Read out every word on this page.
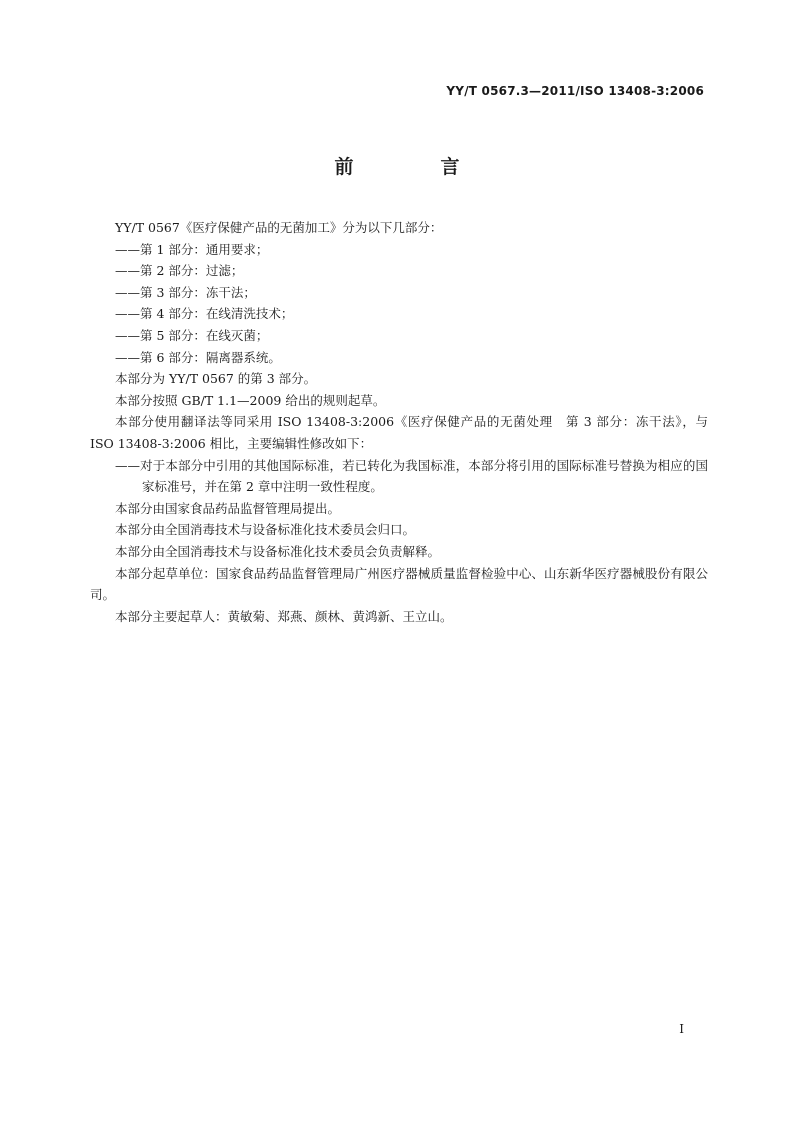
YY/T 0567.3—2011/ISO 13408-3:2006
前　言

YY/T 0567《医疗保健产品的无菌加工》分为以下几部分：

——第 1 部分：通用要求；

——第 2 部分：过滤；

——第 3 部分：冻干法；

——第 4 部分：在线清洗技术；

——第 5 部分：在线灭菌；

——第 6 部分：隔离器系统。

本部分为 YY/T 0567 的第 3 部分。

本部分按照 GB/T 1.1—2009 给出的规则起草。

本部分使用翻译法等同采用 ISO 13408-3:2006《医疗保健产品的无菌处理　第 3 部分：冻干法》，与 ISO 13408-3:2006 相比，主要编辑性修改如下：

——对于本部分中引用的其他国际标准，若已转化为我国标准，本部分将引用的国际标准号替换为相应的国家标准号，并在第 2 章中注明一致性程度。

本部分由国家食品药品监督管理局提出。

本部分由全国消毒技术与设备标准化技术委员会归口。

本部分由全国消毒技术与设备标准化技术委员会负责解释。

本部分起草单位：国家食品药品监督管理局广州医疗器械质量监督检验中心、山东新华医疗器械股份有限公司。

本部分主要起草人：黄敏菊、郑燕、颜林、黄鸿新、王立山。

I
